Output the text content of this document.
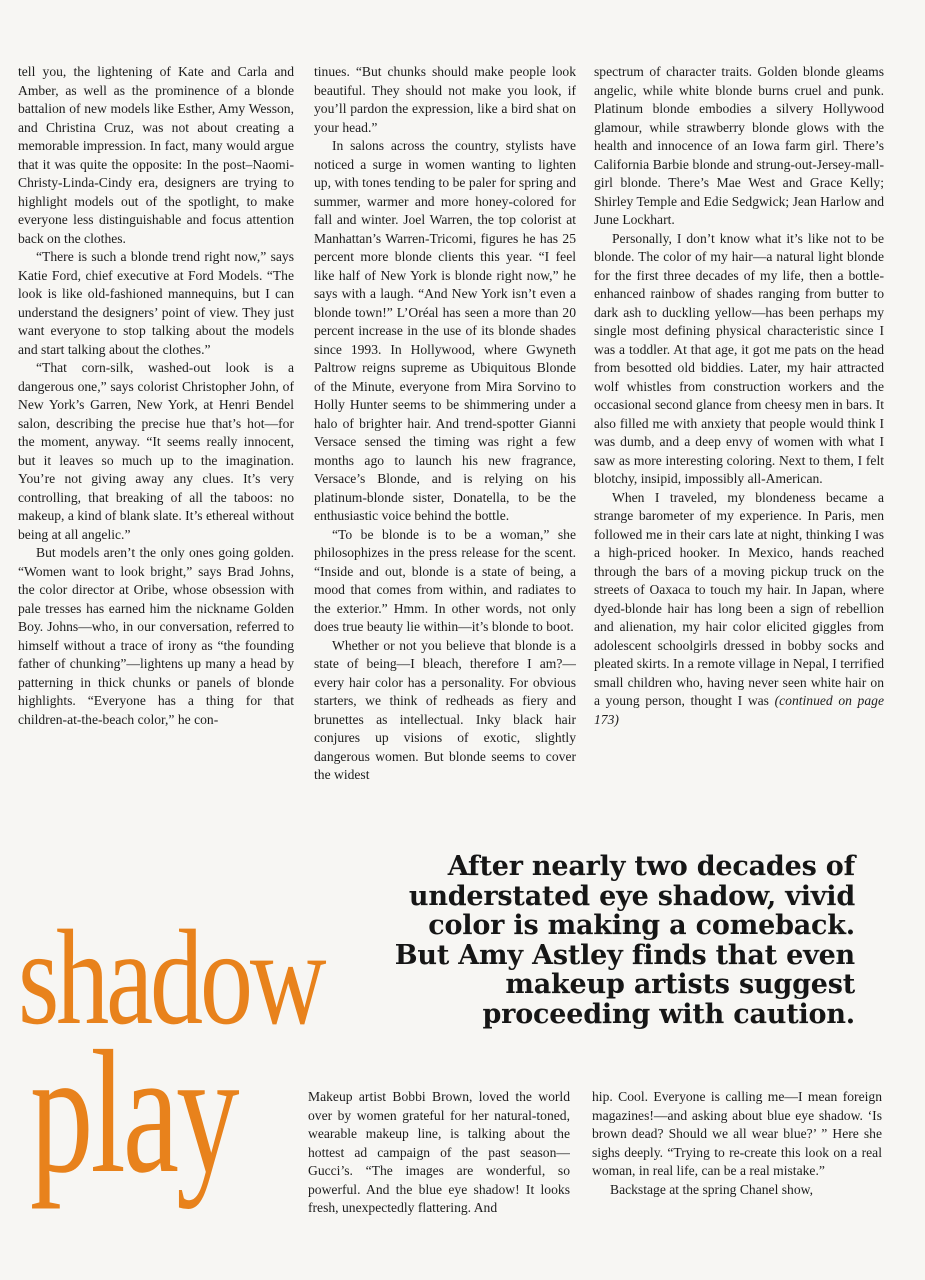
tell you, the lightening of Kate and Carla and Amber, as well as the prominence of a blonde battalion of new models like Esther, Amy Wesson, and Christina Cruz, was not about creating a memorable impression. In fact, many would argue that it was quite the opposite: In the post–Naomi-Christy-Linda-Cindy era, designers are trying to highlight models out of the spotlight, to make everyone less distinguishable and focus attention back on the clothes.

“There is such a blonde trend right now,” says Katie Ford, chief executive at Ford Models. “The look is like old-fashioned mannequins, but I can understand the designers’ point of view. They just want everyone to stop talking about the models and start talking about the clothes.”

“That corn-silk, washed-out look is a dangerous one,” says colorist Christopher John, of New York’s Garren, New York, at Henri Bendel salon, describing the precise hue that’s hot—for the moment, anyway. “It seems really innocent, but it leaves so much up to the imagination. You’re not giving away any clues. It’s very controlling, that breaking of all the taboos: no makeup, a kind of blank slate. It’s ethereal without being at all angelic.”

But models aren’t the only ones going golden. “Women want to look bright,” says Brad Johns, the color director at Oribe, whose obsession with pale tresses has earned him the nickname Golden Boy. Johns—who, in our conversation, referred to himself without a trace of irony as “the founding father of chunking”—lightens up many a head by patterning in thick chunks or panels of blonde highlights. “Everyone has a thing for that children-at-the-beach color,” he con-

tinues. “But chunks should make people look beautiful. They should not make you look, if you’ll pardon the expression, like a bird shat on your head.”

In salons across the country, stylists have noticed a surge in women wanting to lighten up, with tones tending to be paler for spring and summer, warmer and more honey-colored for fall and winter. Joel Warren, the top colorist at Manhattan’s Warren-Tricomi, figures he has 25 percent more blonde clients this year. “I feel like half of New York is blonde right now,” he says with a laugh. “And New York isn’t even a blonde town!” L’Oréal has seen a more than 20 percent increase in the use of its blonde shades since 1993. In Hollywood, where Gwyneth Paltrow reigns supreme as Ubiquitous Blonde of the Minute, everyone from Mira Sorvino to Holly Hunter seems to be shimmering under a halo of brighter hair. And trend-spotter Gianni Versace sensed the timing was right a few months ago to launch his new fragrance, Versace’s Blonde, and is relying on his platinum-blonde sister, Donatella, to be the enthusiastic voice behind the bottle.

“To be blonde is to be a woman,” she philosophizes in the press release for the scent. “Inside and out, blonde is a state of being, a mood that comes from within, and radiates to the exterior.” Hmm. In other words, not only does true beauty lie within—it’s blonde to boot.

Whether or not you believe that blonde is a state of being—I bleach, therefore I am?—every hair color has a personality. For obvious starters, we think of redheads as fiery and brunettes as intellectual. Inky black hair conjures up visions of exotic, slightly dangerous women. But blonde seems to cover the widest

spectrum of character traits. Golden blonde gleams angelic, while white blonde burns cruel and punk. Platinum blonde embodies a silvery Hollywood glamour, while strawberry blonde glows with the health and innocence of an Iowa farm girl. There’s California Barbie blonde and strung-out-Jersey-mall-girl blonde. There’s Mae West and Grace Kelly; Shirley Temple and Edie Sedgwick; Jean Harlow and June Lockhart.

Personally, I don’t know what it’s like not to be blonde. The color of my hair—a natural light blonde for the first three decades of my life, then a bottle-enhanced rainbow of shades ranging from butter to dark ash to duckling yellow—has been perhaps my single most defining physical characteristic since I was a toddler. At that age, it got me pats on the head from besotted old biddies. Later, my hair attracted wolf whistles from construction workers and the occasional second glance from cheesy men in bars. It also filled me with anxiety that people would think I was dumb, and a deep envy of women with what I saw as more interesting coloring. Next to them, I felt blotchy, insipid, impossibly all-American.

When I traveled, my blondeness became a strange barometer of my experience. In Paris, men followed me in their cars late at night, thinking I was a high-priced hooker. In Mexico, hands reached through the bars of a moving pickup truck on the streets of Oaxaca to touch my hair. In Japan, where dyed-blonde hair has long been a sign of rebellion and alienation, my hair color elicited giggles from adolescent schoolgirls dressed in bobby socks and pleated skirts. In a remote village in Nepal, I terrified small children who, having never seen white hair on a young person, thought I was (continued on page 173)

After nearly two decades of understated eye shadow, vivid color is making a comeback. But Amy Astley finds that even makeup artists suggest proceeding with caution.
shadow
play	Makeup artist Bobbi Brown, loved the world over by women grateful for her natural-toned, wearable makeup line, is talking about the hottest ad campaign of the past season—Gucci’s. “The images are wonderful, so powerful. And the blue eye shadow! It looks fresh, unexpectedly flattering. And

hip. Cool. Everyone is calling me—I mean foreign magazines!—and asking about blue eye shadow. ‘Is brown dead? Should we all wear blue?’ ” Here she sighs deeply. “Trying to re-create this look on a real woman, in real life, can be a real mistake.”

Backstage at the spring Chanel show,
